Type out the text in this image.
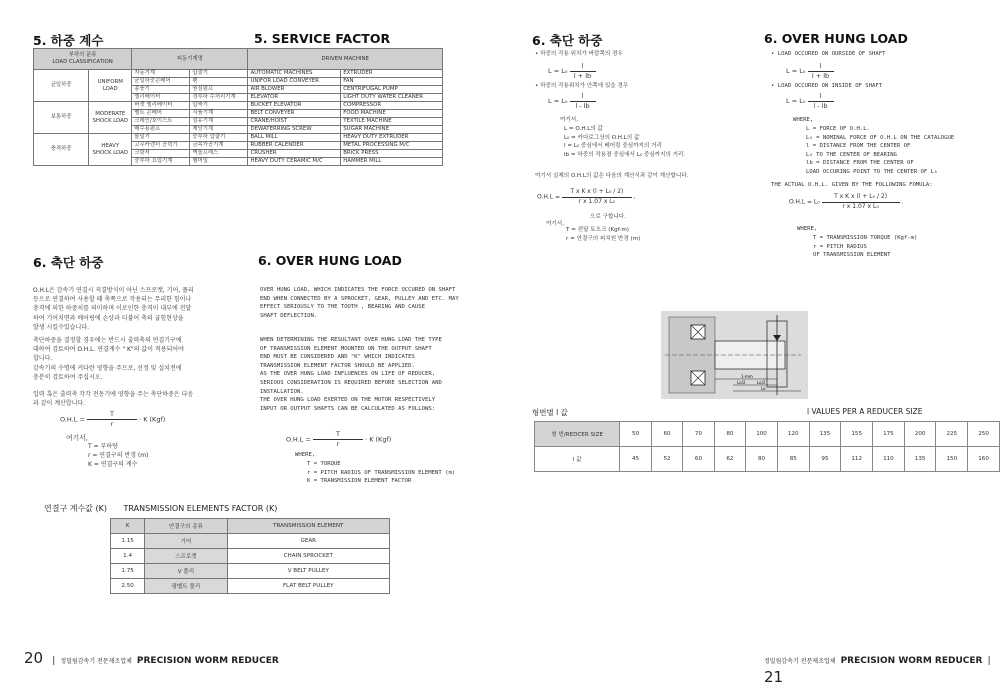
5. 하중 계수	5. SERVICE FACTOR
부하의 분류
LOAD CLASSIFICATION		피동기계명		DRIVEN MACHINE	
균일하중	UNIFORM LOAD	자동기계	압출기	AUTOMATIC MACHINES	EXTRUDER
		균일하중콘베어	팬	UNIFOR LOAD CONVEYER	FAN
		송풍기	원심펌프	AIR BLOWER	CENTRIFUGAL PUMP
		엘리베이터	경부하 수처리기계	ELEVATOR	LIGHT DUTY WATER CLEANER
보통하중	MODERATE SHOCK LOAD	버켓 엘리베이터	압축기	BUCKET ELEVATOR	COMPRESSOR
		벨트 콘베어	식품기계	BELT CONVEYER	FOOD MACHINE
		크레인/호이스트	섬유기계	CRANE/HOIST	TEXTILE MACHINE
		배수용펌프	제당기계	DEWATERRING SCREW	SUGAR MACHINE
충격하중	HEAVY SHOCK LOAD	볼밀기	중부하 압출기	BALL MILL	HEAVY DUTY EXTRUDER
		고무카렌더 공력기	금속가공기계	RUBBER CALENDER	METAL PROCESSING M/C
		크랏셔	벽돌프레스	CRUSHER	BRICK PRESS
		중부하 요업기계	햄머밀	HEAVY DUTY CERAMIC M/C	HAMMER MILL
6. 축단 하중	6. OVER HUNG LOAD
O.H.L은 감속기 연결시 직결방식이 아닌 스프로켓, 기어, 풀리
등으로 연결하여 사용할 때 축쪽으로 작용되는 무리한 힘이나
충격에 의한 하중치를 의미하며 이로인한 충격이 내부에 전달
하여 기어치면과 베어링에 손상과 더불어 축의 굽힘현상을
발생 시킬수있습니다.
축단하중을 결정할 경우에는 반드시 출력축의 연결기구에
대하여 검토하여 O.H.L. 연결계수 " K"의 값이 적용되어야
합니다.
감속기의 수명에 커다란 영향을 주므로, 선정 및 설치전에
충분히 검토하여 주십시오.
입력 혹은 출력축 각각 전동기에 영향을 주는 축단하중은 다음
과 같이 계산합니다.
$O.H.L = \frac{T}{r} \cdot K$ (Kgf)
여기서,
T = 부하량
r = 연결구의 반경 (m)
K = 연결구의 계수
OVER HUNG LOAD, WHICH INDICATES THE FORCE OCCURED ON SHAFT
END WHEN CONNECTED BY A SPROCKET, GEAR, PULLEY AND ETC. MAY
EFFECT SERIOUSLY TO THE TOOTH , BEARING AND CAUSE
SHAFT DEFLECTION.
WHEN DETERMINING THE RESULTANT OVER HUNG LOAD THE TYPE
OF TRANSMISSION ELEMENT MOUNTED ON THE OUTPUT SHAFT
END MUST BE CONSIDERED AND "K" WHICH INDICATES
TRANSMISSION ELEMENT FACTOR SHOULD BE APPLIED.
AS THE OVER HUNG LOAD INFLUENCES ON LIFE OF REDUCER,
SERIOUS CONSIDERATION IS REQUIRED BEFORE SELECTION AND
INSTALLATION.
THE OVER HUNG LOAD EXERTED ON THE MOTOR RESPECTIVELY
INPUT OR OUTPUT SHAFTS CAN BE CALCULATED AS FOLLOWS:
$O.H.L = \frac{T}{r} \cdot K$ (Kgf)
WHERE,
T = TORQUE
r = PITCH RADIUS OF TRANSMISSION ELEMENT (m)
K = TRANSMISSION ELEMENT FACTOR
연결구 계수값 (K) TRANSMISSION ELEMENTS FACTOR (K)
K	연결구의 종류	TRANSMISSION ELEMENT
1.15	기어	GEAR
1.4	스프로켓	CHAIN SPROCKET
1.75	V 풀리	V BELT PULLEY
2.50	평벨트 풀리	FLAT BELT PULLEY
6. 축단 하중	6. OVER HUNG LOAD
• 하중의 작용 위치가 바깥쪽의 경우
$L = L_0 \frac{l}{l + lb}$
• 하중의 작용위치가 안쪽에 있을 경우
$L = L_0 \frac{l}{l - lb}$
여기서,
L = O.H.L의 값
L₀ = 카다로그상의 O.H.L의 값
l = L₀ 중심에서 베어링 중심까지의 거리
lb = 하중의 작용점 중심에서 L₀ 중심까지의 거리.
여기서 실제의 O.H.L의 값은 다음의 계산식과 같이 계산합니다.
$O.H.L = \frac{\text{T x K x (l + L₀ / 2)}}{\text{r x 1.07 x L₀}}$ ,
으로 구합니다.
여기서,
T = 전달 토오크 (Kgf-m)
r = 연결구의 피치원 반경 (m)
• LOAD OCCURED ON OURSIDE OF SHAFT
$L = L_0 \frac{l}{l + lb}$
• LOAD OCCURED ON INSIDE OF SHAFT
$L = L_0 \frac{l}{l - lb}$
WHERE,
L = FORCE OF O.H.L.
L₀ = NOMINAL FORCE OF O.H.L ON THE CATALOGUE
l = DISTANCE FROM THE CENTER OF
L₀ TO THE CENTER OF BEARING
lb = DISTANCE FROM THE CENTER OF
LOAD OCCURING POINT TO THE CENTER OF L₀
THE ACTUAL O.H.L. GIVEN BY THE FOLLOWING FOMULA:
$O.H.L = L_0 \frac{\text{T x K x (l + L₀ / 2)}}{\text{r x 1.07 x L₀}}$ .
WHERE,
T = TRANSMISSION TORQUE (Kgf-m)
r = PITCH RADIUS
OF TRANSMISSION ELEMENT
1-mm
Lo/2	Lo/2
Lo
형번별 l 값	l VALUES PER A REDUCER SIZE
형 번/REDCER SIZE	50	60	70	80	100	120	135	155	175	200	225	250
l 값	45	52	60	62	80	85	95	112	110	135	150	160
20 | 정밀웜감속기 전문제조업체 PRECISION WORM REDUCER	정밀웜감속기 전문제조업체 PRECISION WORM REDUCER | 21
